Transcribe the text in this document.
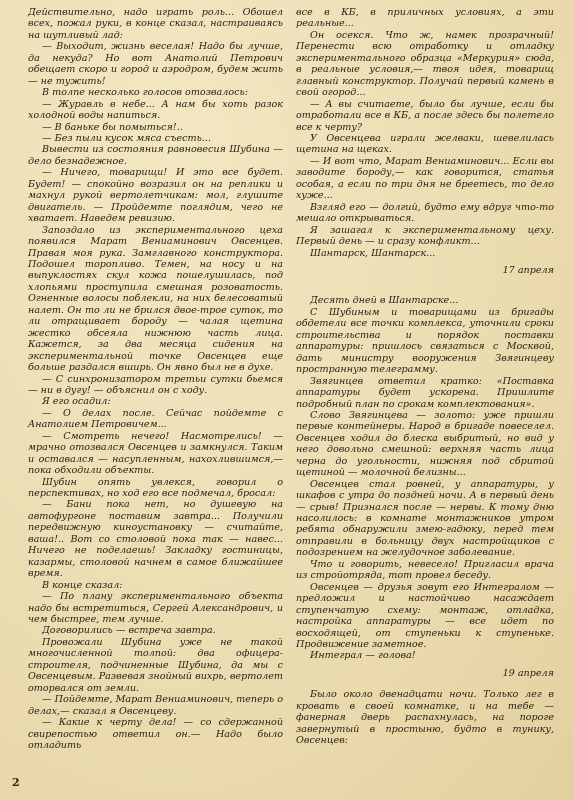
Действительно, надо играть роль... Обошел всех, пожал руки, в конце сказал, настраиваясь на шутливый лад:

— Выходит, жизнь веселая! Надо бы лучше, да некуда? Но вот Анатолий Петрович обещает скоро и город и аэродром, будем жить — не тужить!

В толпе несколько голосов отозвалось:

— Журавль в небе... А нам бы хоть разок холодной воды напиться.

— В баньке бы помыться!..

— Без пыли кусок мяса съесть...

Вывести из состояния равновесия Шубина — дело безнадежное.

— Ничего, товарищи! И это все будет. Будет! — спокойно возразил он на реплики и махнул рукой вертолетчикам: мол, глушите двигатель. — Пройдемте поглядим, чего не хватает. Наведем ревизию.

Запоздало из экспериментального цеха появился Марат Вениаминович Овсенцев. Правая моя рука. Замглавного конструктора. Подошел торопливо. Темен, на носу и на выпуклостях скул кожа пошелушилась, под хлопьями проступила смешная розоватость. Огненные волосы поблекли, на них белесоватый налет. Он то ли не брился двое-трое суток, то ли отращивает бороду — чалая щетина жестко обсеяла нижнюю часть лица. Кажется, за два месяца сидения на экспериментальной точке Овсенцев еще больше раздался вширь. Он явно был не в духе.

— С синхронизатором третьи сутки бьемся — ни в дугу! — объяснил он с ходу.

Я его осадил:

— О делах после. Сейчас пойдемте с Анатолием Петровичем...

— Смотреть нечего! Насмотрелись! — мрачно отозвался Овсенцев и замкнулся. Таким и оставался — насупленным, нахохлившимся,— пока обходили объекты.

Шубин опять увлекся, говорил о перспективах, но ход его все подмечал, бросал:

— Бани пока нет, но душевую на автофургоне поставим завтра... Получили передвижную киноустановку — считайте, ваша!.. Вот со столовой пока так — навес... Ничего не поделаешь! Закладку гостиницы, казармы, столовой начнем в самое ближайшее время.

В конце сказал:

— По плану экспериментального объекта надо бы встретиться, Сергей Александрович, и чем быстрее, тем лучше.

Договорились — встреча завтра.

Провожали Шубина уже не такой многочисленной толпой: два офицера-строителя, подчиненные Шубина, да мы с Овсенцевым. Развевая знойный вихрь, вертолет оторвался от земли.

— Пойдемте, Марат Вениаминович, теперь о делах,— сказал я Овсенцеву.

— Какие к черту дела! — со сдержанной свирепостью ответил он.— Надо было отладить

все в КБ, в приличных условиях, а эти реальные...

Он осекся. Что ж, намек прозрачный! Перенести всю отработку и отладку экспериментального образца «Меркурия» сюда, в реальные условия,— твоя идея, товарищ главный конструктор. Получай первый камень в свой огород...

— А вы считаете, было бы лучше, если бы отработали все в КБ, а после здесь бы полетело все к черту?

У Овсенцева играли желваки, шевелилась щетина на щеках.

— И вот что, Марат Вениаминович... Если вы заводите бороду,— как говорится, статья особая, а если по три дня не бреетесь, то дело хуже...

Взгляд его — долгий, будто ему вдруг что-то мешало открываться.

Я зашагал к экспериментальному цеху. Первый день — и сразу конфликт...

Шантарск, Шантарск...

17 апреля

Десять дней в Шантарске...

С Шубиным и товарищами из бригады обдетели все точки комплекса, уточнили сроки строительства и порядок поставки аппаратуры: пришлось связаться с Москвой, дать министру вооружения Звягинцеву пространную телеграмму.

Звягинцев ответил кратко: «Поставка аппаратуры будет ускорена. Пришлите подробный план по срокам комплектования».

Слово Звягинцева — золото: уже пришли первые контейнеры. Народ в бригаде повеселел. Овсенцев ходил до блеска выбритый, но вид у него довольно смешной: верхняя часть лица черна до угольности, нижняя под сбритой щетиной — молочной белизны...

Овсенцев стал ровней, у аппаратуры, у шкафов с утра до поздней ночи. А в первый день — срыв! Признался после — нервы. К тому дню насолилось: в комнате монтажников утром ребята обнаружили змею-гадюку, перед тем отправили в больницу двух настройщиков с подозрением на желудочное заболевание.

Что и говорить, невесело! Пригласил врача из стройотряда, тот провел беседу.

Овсенцев — друзья зовут его Интегралом — предложил и настойчиво насаждает ступенчатую схему: монтаж, отладка, настройка аппаратуры — все идет по восходящей, от ступеньки к ступеньке. Продвижение заметное.

Интеграл — голова!

19 апреля

Было около двенадцати ночи. Только лег в кровать в своей комнатке, и на тебе — фанерная дверь распахнулась, на пороге завернутый в простыню, будто в тунику, Овсенцев:

2
